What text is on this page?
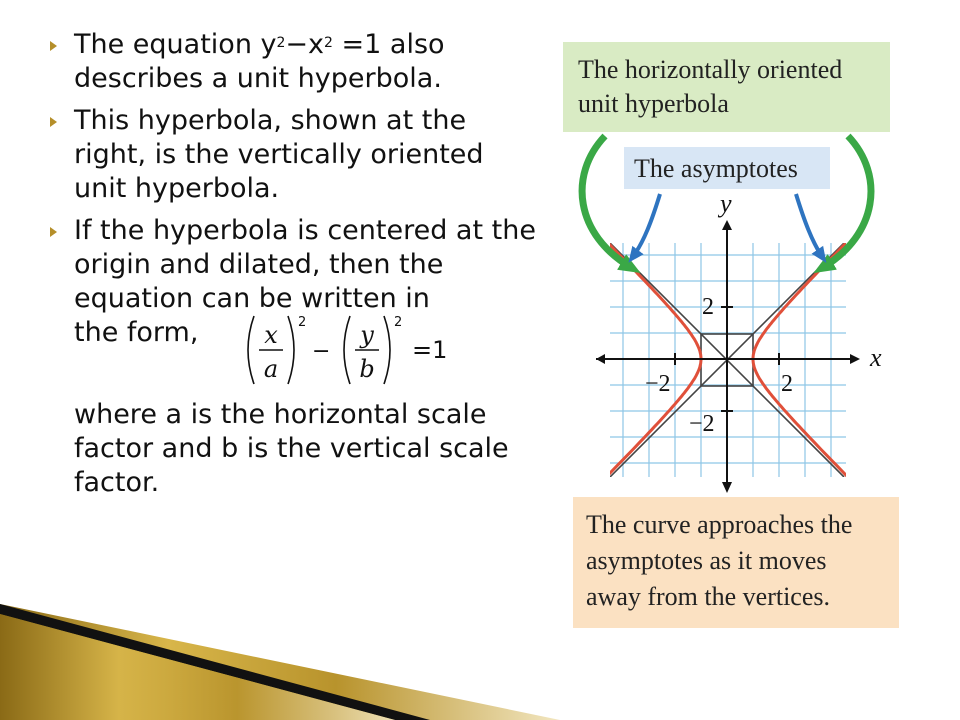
The equation $y^2-x^2 =1$ also describes a unit hyperbola.

This hyperbola, shown at the right, is the vertically oriented unit hyperbola.

If the hyperbola is centered at the origin and dilated, then the equation can be written in
the form,	x
a
y
b
2	2
−	=1
where a is the horizontal scale factor and b is the vertical scale factor.
The horizontally oriented
unit hyperbola
The asymptotes
The curve approaches the
asymptotes as it moves
away from the vertices.
−2	2
2
−2
x
y
